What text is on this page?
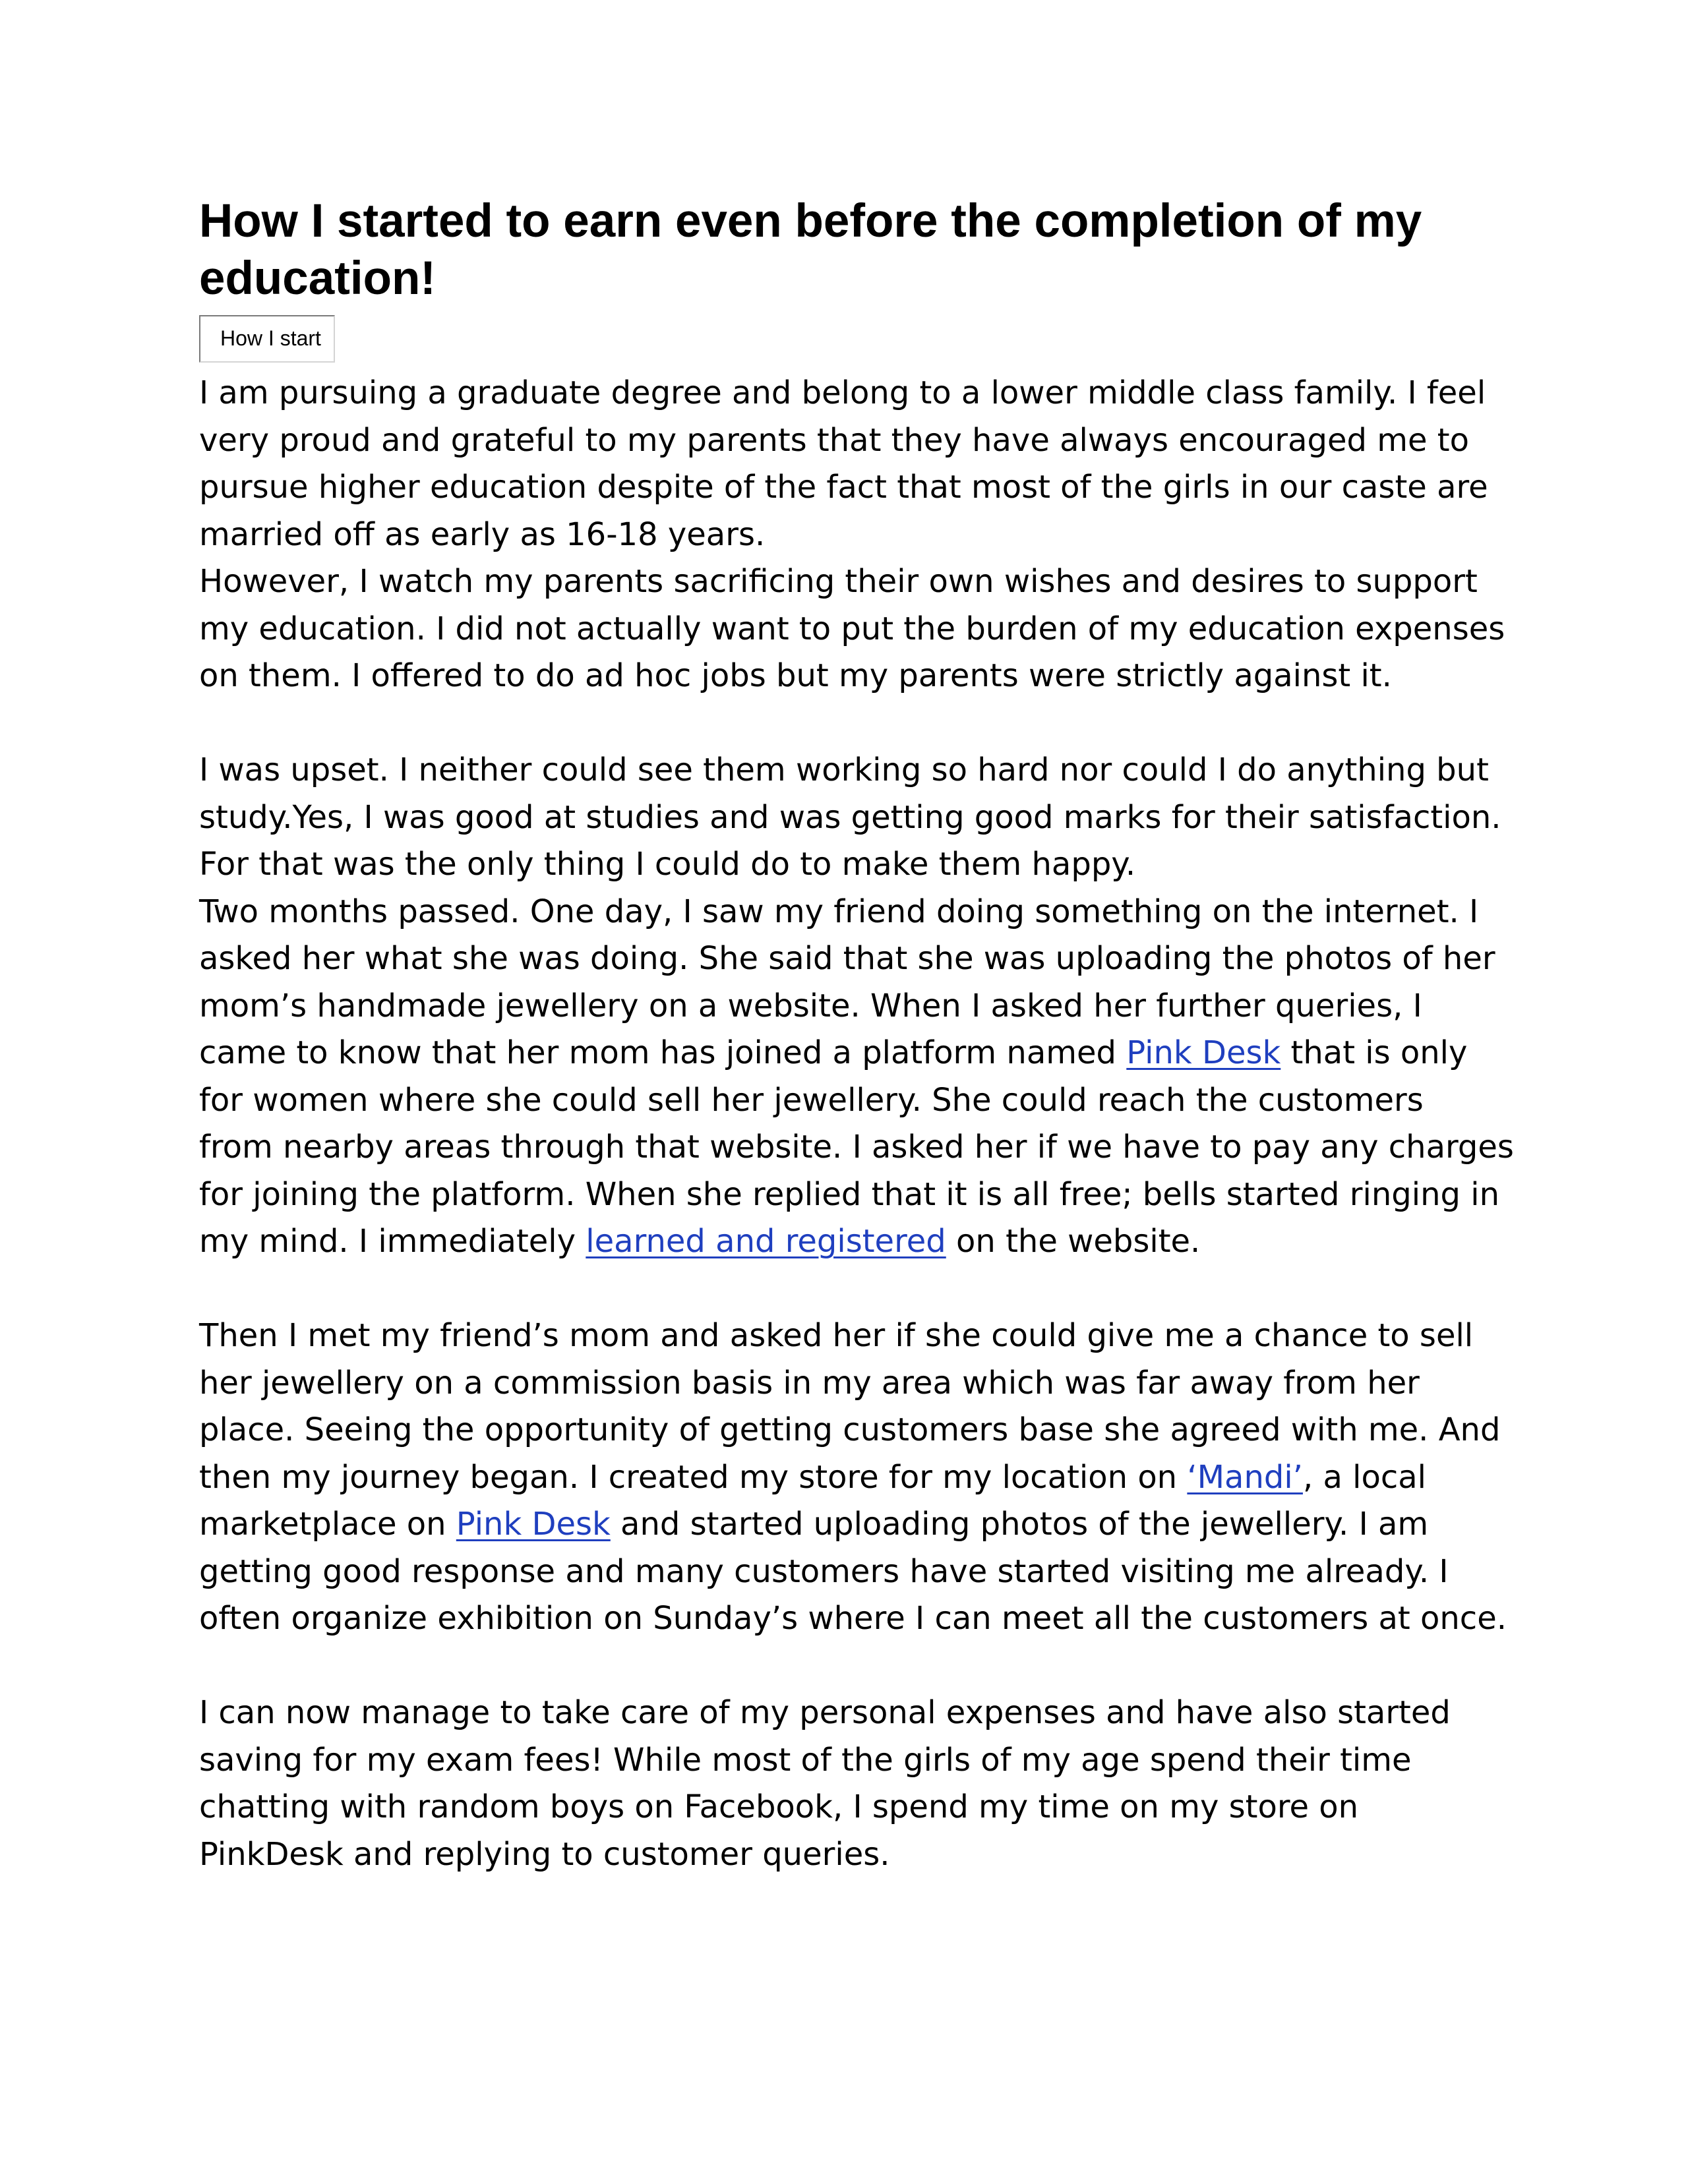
How I started to earn even before the completion of my education!
How I start
I am pursuing a graduate degree and belong to a lower middle class family. I feel
very proud and grateful to my parents that they have always encouraged me to
pursue higher education despite of the fact that most of the girls in our caste are
married off as early as 16-18 years.
However, I watch my parents sacrificing their own wishes and desires to support
my education. I did not actually want to put the burden of my education expenses
on them. I offered to do ad hoc jobs but my parents were strictly against it.
I was upset. I neither could see them working so hard nor could I do anything but
study.Yes, I was good at studies and was getting good marks for their satisfaction.
For that was the only thing I could do to make them happy.
Two months passed. One day, I saw my friend doing something on the internet. I
asked her what she was doing. She said that she was uploading the photos of her
mom’s handmade jewellery on a website. When I asked her further queries, I
came to know that her mom has joined a platform named Pink Desk that is only
for women where she could sell her jewellery. She could reach the customers
from nearby areas through that website. I asked her if we have to pay any charges
for joining the platform. When she replied that it is all free; bells started ringing in
my mind. I immediately learned and registered on the website.
Then I met my friend’s mom and asked her if she could give me a chance to sell
her jewellery on a commission basis in my area which was far away from her
place. Seeing the opportunity of getting customers base she agreed with me. And
then my journey began. I created my store for my location on ‘Mandi’, a local
marketplace on Pink Desk and started uploading photos of the jewellery. I am
getting good response and many customers have started visiting me already. I
often organize exhibition on Sunday’s where I can meet all the customers at once.
I can now manage to take care of my personal expenses and have also started
saving for my exam fees! While most of the girls of my age spend their time
chatting with random boys on Facebook, I spend my time on my store on
PinkDesk and replying to customer queries.
